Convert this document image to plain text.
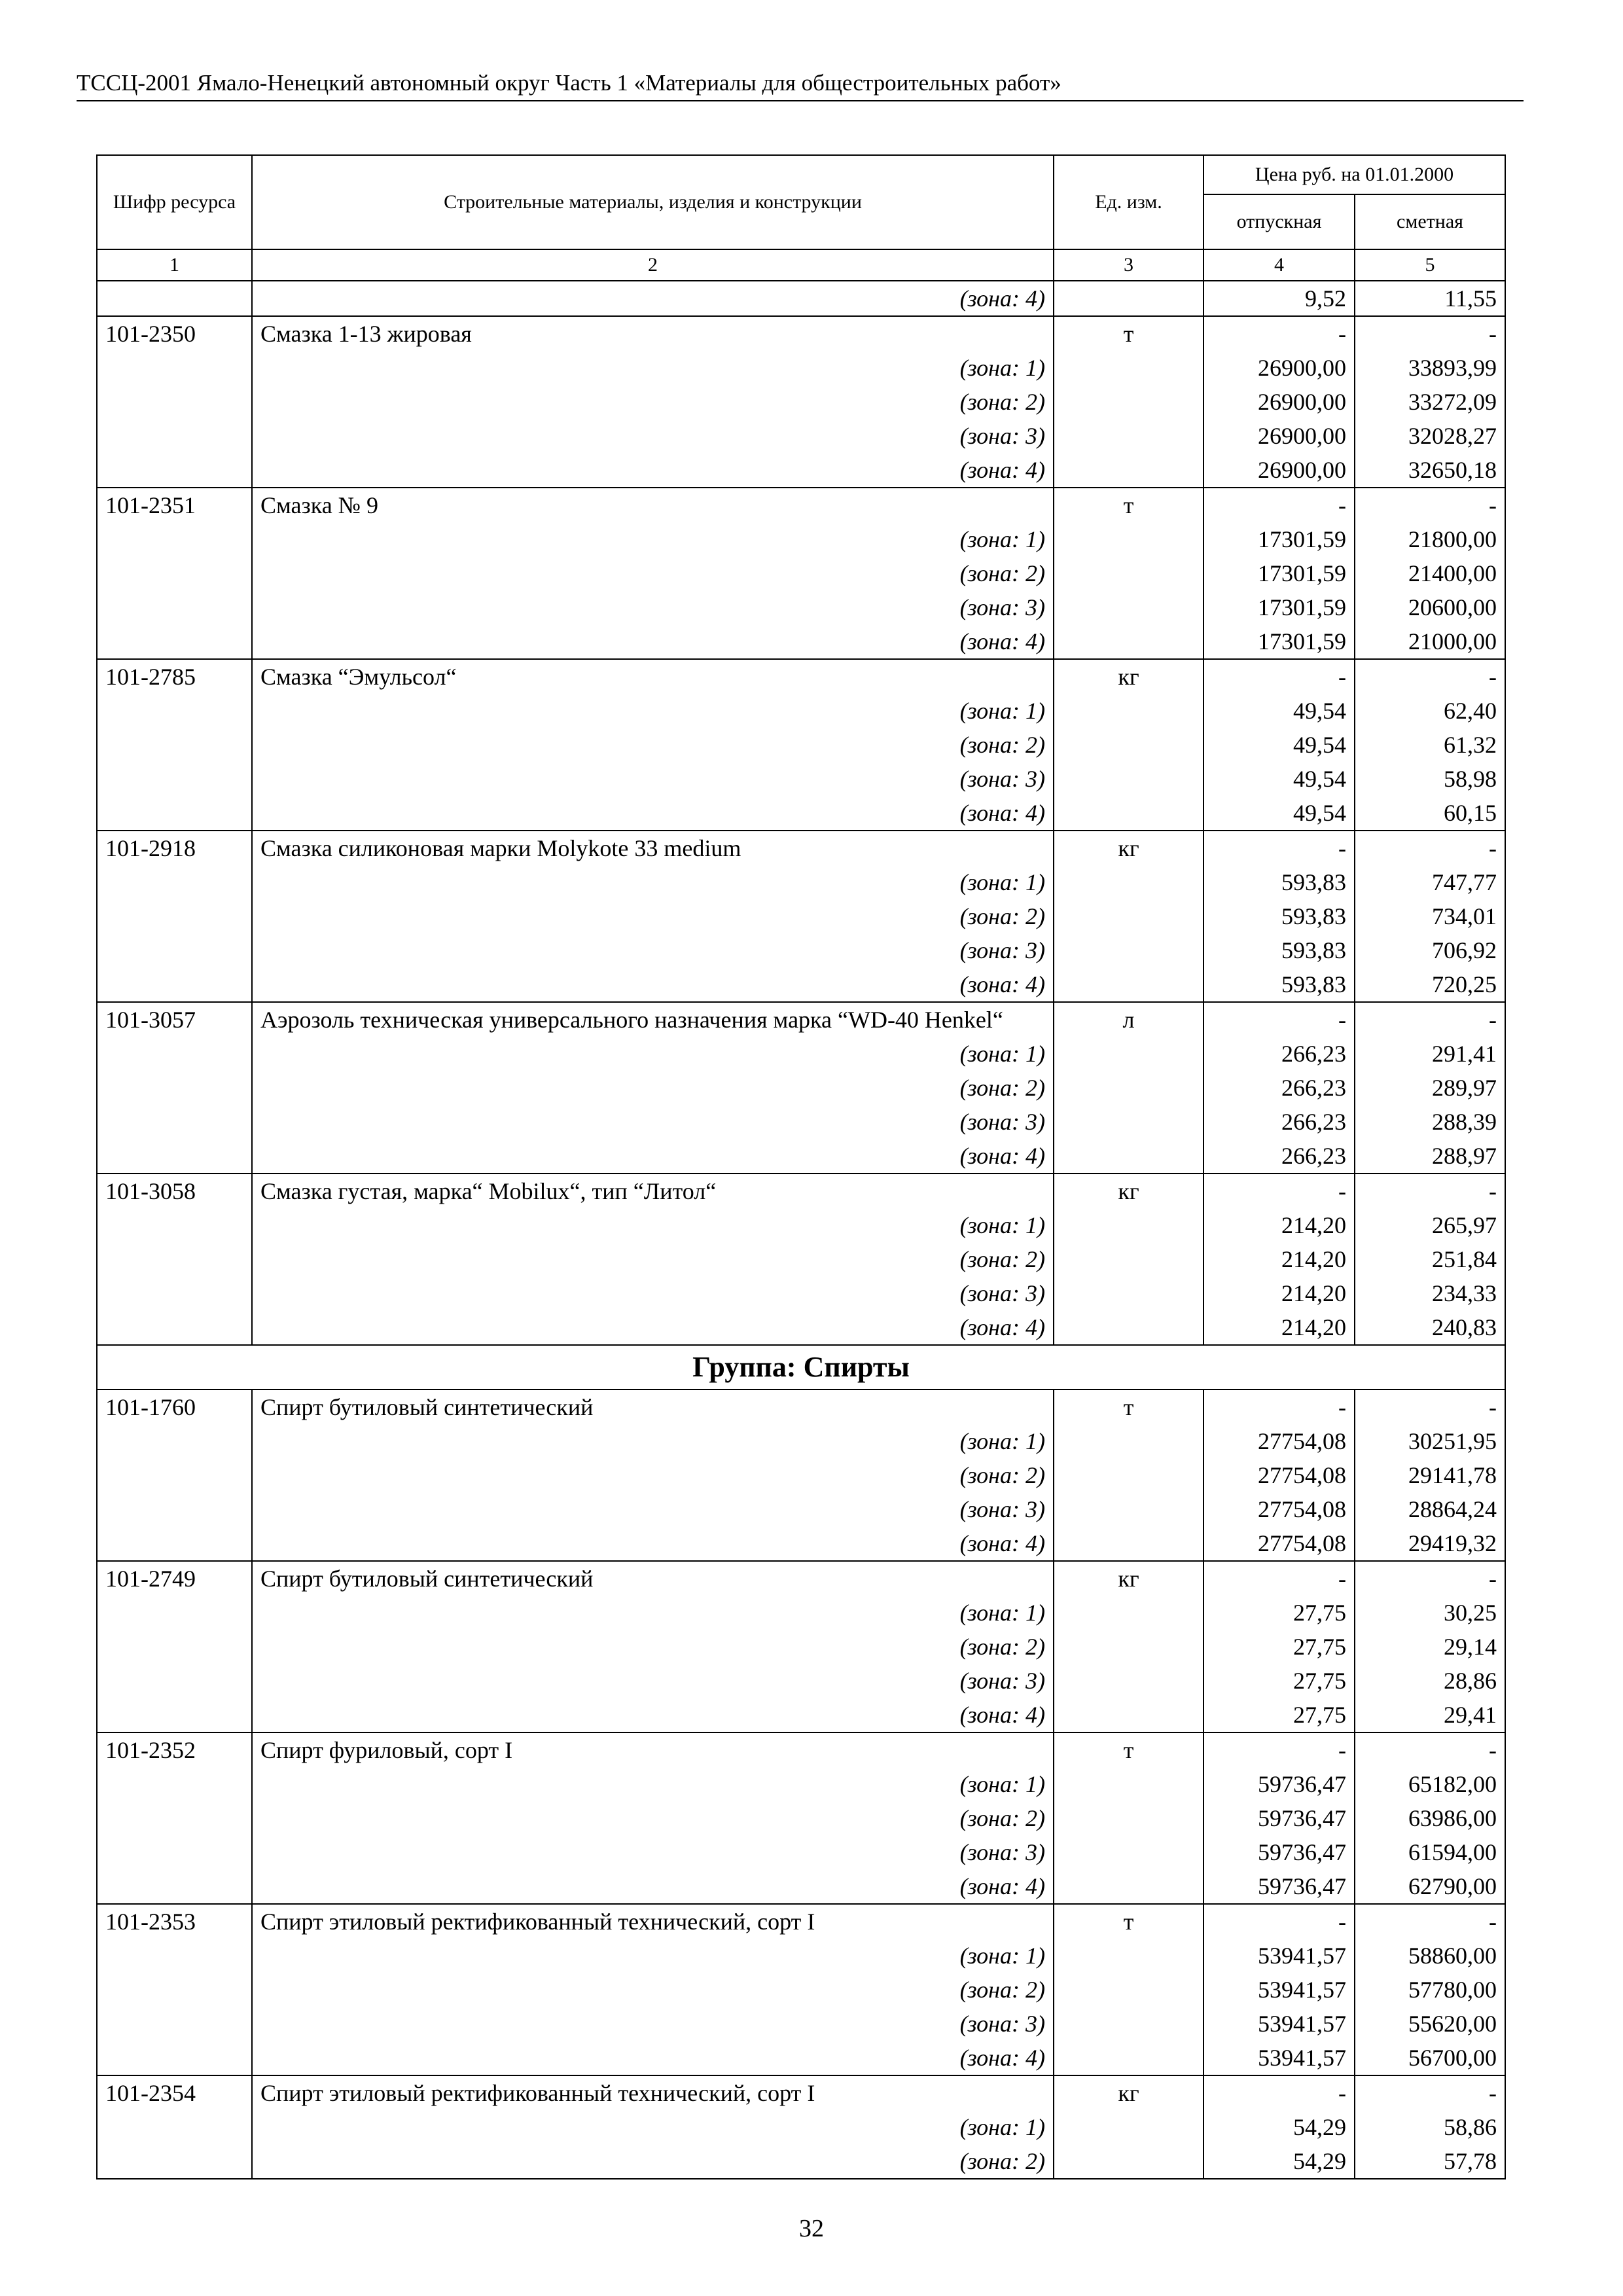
ТССЦ-2001 Ямало-Ненецкий автономный округ Часть 1 «Материалы для общестроительных работ»
Шифр ресурса	Строительные материалы, изделия и конструкции	Ед. изм.	Цена руб. на 01.01.2000	
			отпускная	сметная
1	2	3	4	5
	(зона: 4)		9,52	11,55
101-2350	Смазка 1-13 жировая	т	-	-
	(зона: 1)		26900,00	33893,99
	(зона: 2)		26900,00	33272,09
	(зона: 3)		26900,00	32028,27
	(зона: 4)		26900,00	32650,18
101-2351	Смазка № 9	т	-	-
	(зона: 1)		17301,59	21800,00
	(зона: 2)		17301,59	21400,00
	(зона: 3)		17301,59	20600,00
	(зона: 4)		17301,59	21000,00
101-2785	Смазка “Эмульсол“	кг	-	-
	(зона: 1)		49,54	62,40
	(зона: 2)		49,54	61,32
	(зона: 3)		49,54	58,98
	(зона: 4)		49,54	60,15
101-2918	Смазка силиконовая марки Molykote 33 medium	кг	-	-
	(зона: 1)		593,83	747,77
	(зона: 2)		593,83	734,01
	(зона: 3)		593,83	706,92
	(зона: 4)		593,83	720,25
101-3057	Аэрозоль техническая универсального назначения марка “WD-40 Henkel“	л	-	-
	(зона: 1)		266,23	291,41
	(зона: 2)		266,23	289,97
	(зона: 3)		266,23	288,39
	(зона: 4)		266,23	288,97
101-3058	Смазка густая, марка“ Mobilux“, тип “Литол“	кг	-	-
	(зона: 1)		214,20	265,97
	(зона: 2)		214,20	251,84
	(зона: 3)		214,20	234,33
	(зона: 4)		214,20	240,83
Группа: Спирты				
101-1760	Спирт бутиловый синтетический	т	-	-
	(зона: 1)		27754,08	30251,95
	(зона: 2)		27754,08	29141,78
	(зона: 3)		27754,08	28864,24
	(зона: 4)		27754,08	29419,32
101-2749	Спирт бутиловый синтетический	кг	-	-
	(зона: 1)		27,75	30,25
	(зона: 2)		27,75	29,14
	(зона: 3)		27,75	28,86
	(зона: 4)		27,75	29,41
101-2352	Спирт фуриловый, сорт I	т	-	-
	(зона: 1)		59736,47	65182,00
	(зона: 2)		59736,47	63986,00
	(зона: 3)		59736,47	61594,00
	(зона: 4)		59736,47	62790,00
101-2353	Спирт этиловый ректификованный технический, сорт I	т	-	-
	(зона: 1)		53941,57	58860,00
	(зона: 2)		53941,57	57780,00
	(зона: 3)		53941,57	55620,00
	(зона: 4)		53941,57	56700,00
101-2354	Спирт этиловый ректификованный технический, сорт I	кг	-	-
	(зона: 1)		54,29	58,86
	(зона: 2)		54,29	57,78
32
